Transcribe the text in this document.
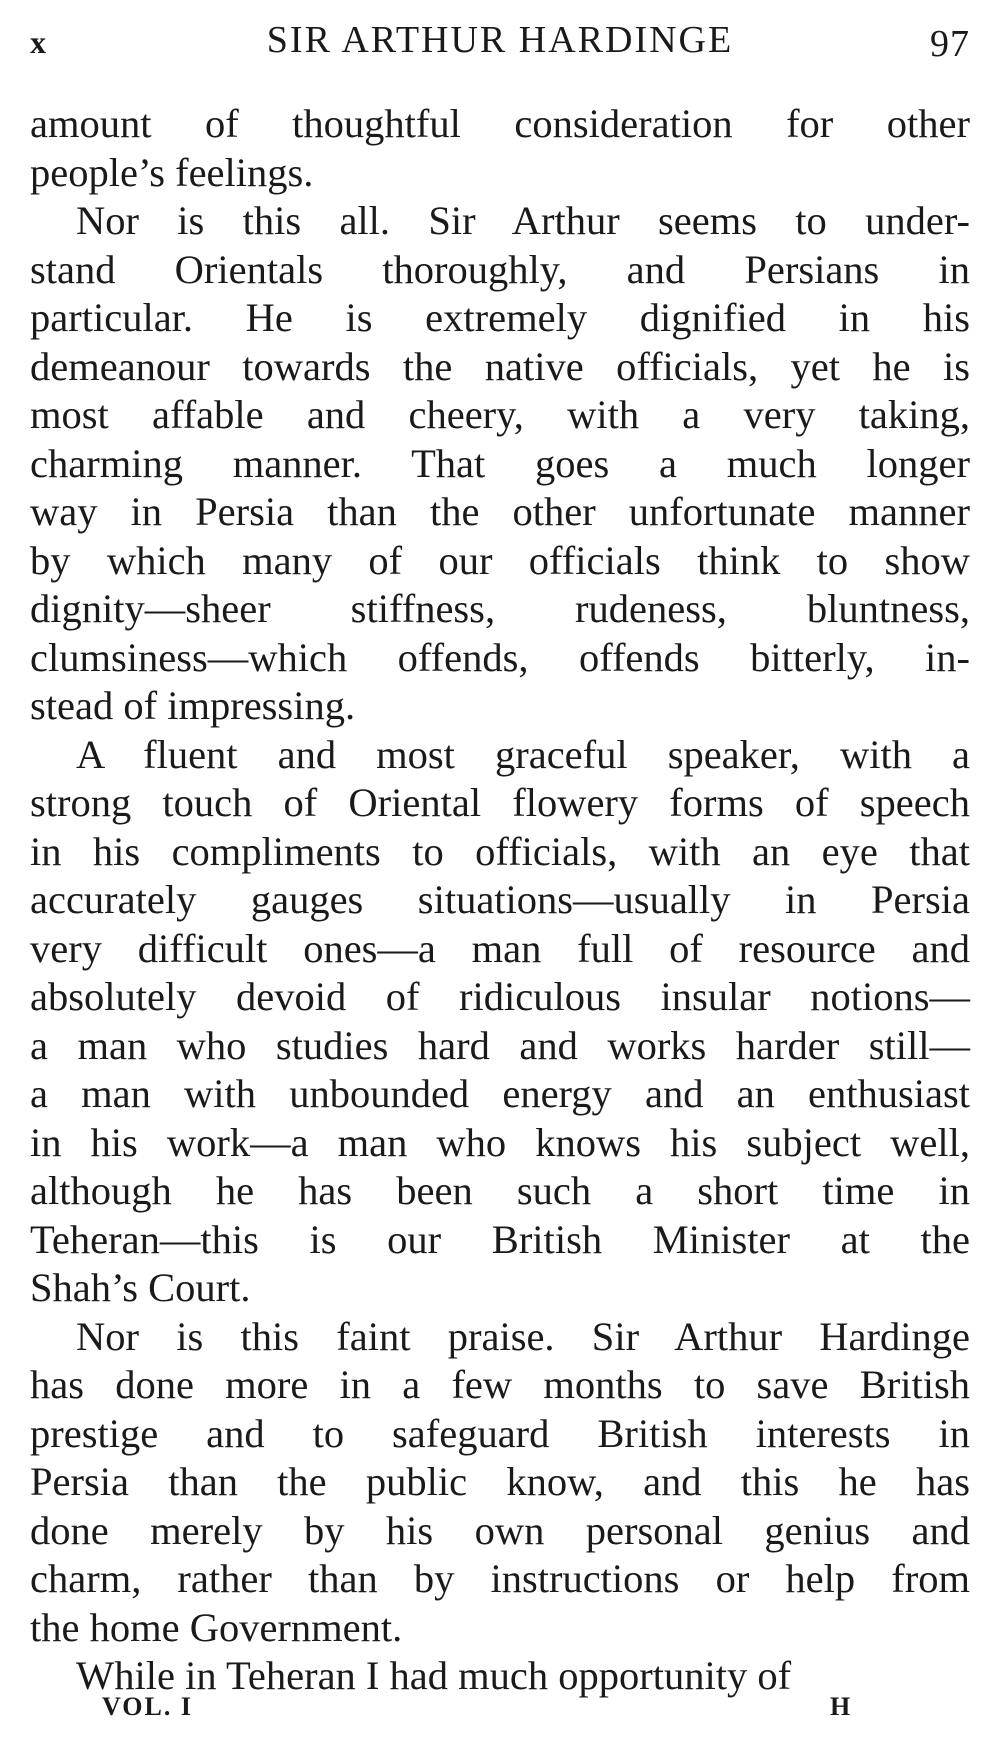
x	SIR ARTHUR HARDINGE	97
amount of thoughtful consideration for other
people’s feelings.
Nor is this all. Sir Arthur seems to under-
stand Orientals thoroughly, and Persians in
particular. He is extremely dignified in his
demeanour towards the native officials, yet he is
most affable and cheery, with a very taking,
charming manner. That goes a much longer
way in Persia than the other unfortunate manner
by which many of our officials think to show
dignity—sheer stiffness, rudeness, bluntness,
clumsiness—which offends, offends bitterly, in-
stead of impressing.
A fluent and most graceful speaker, with a
strong touch of Oriental flowery forms of speech
in his compliments to officials, with an eye that
accurately gauges situations—usually in Persia
very difficult ones—a man full of resource and
absolutely devoid of ridiculous insular notions—
a man who studies hard and works harder still—
a man with unbounded energy and an enthusiast
in his work—a man who knows his subject well,
although he has been such a short time in
Teheran—this is our British Minister at the
Shah’s Court.
Nor is this faint praise. Sir Arthur Hardinge
has done more in a few months to save British
prestige and to safeguard British interests in
Persia than the public know, and this he has
done merely by his own personal genius and
charm, rather than by instructions or help from
the home Government.
While in Teheran I had much opportunity of
VOL. I	H
